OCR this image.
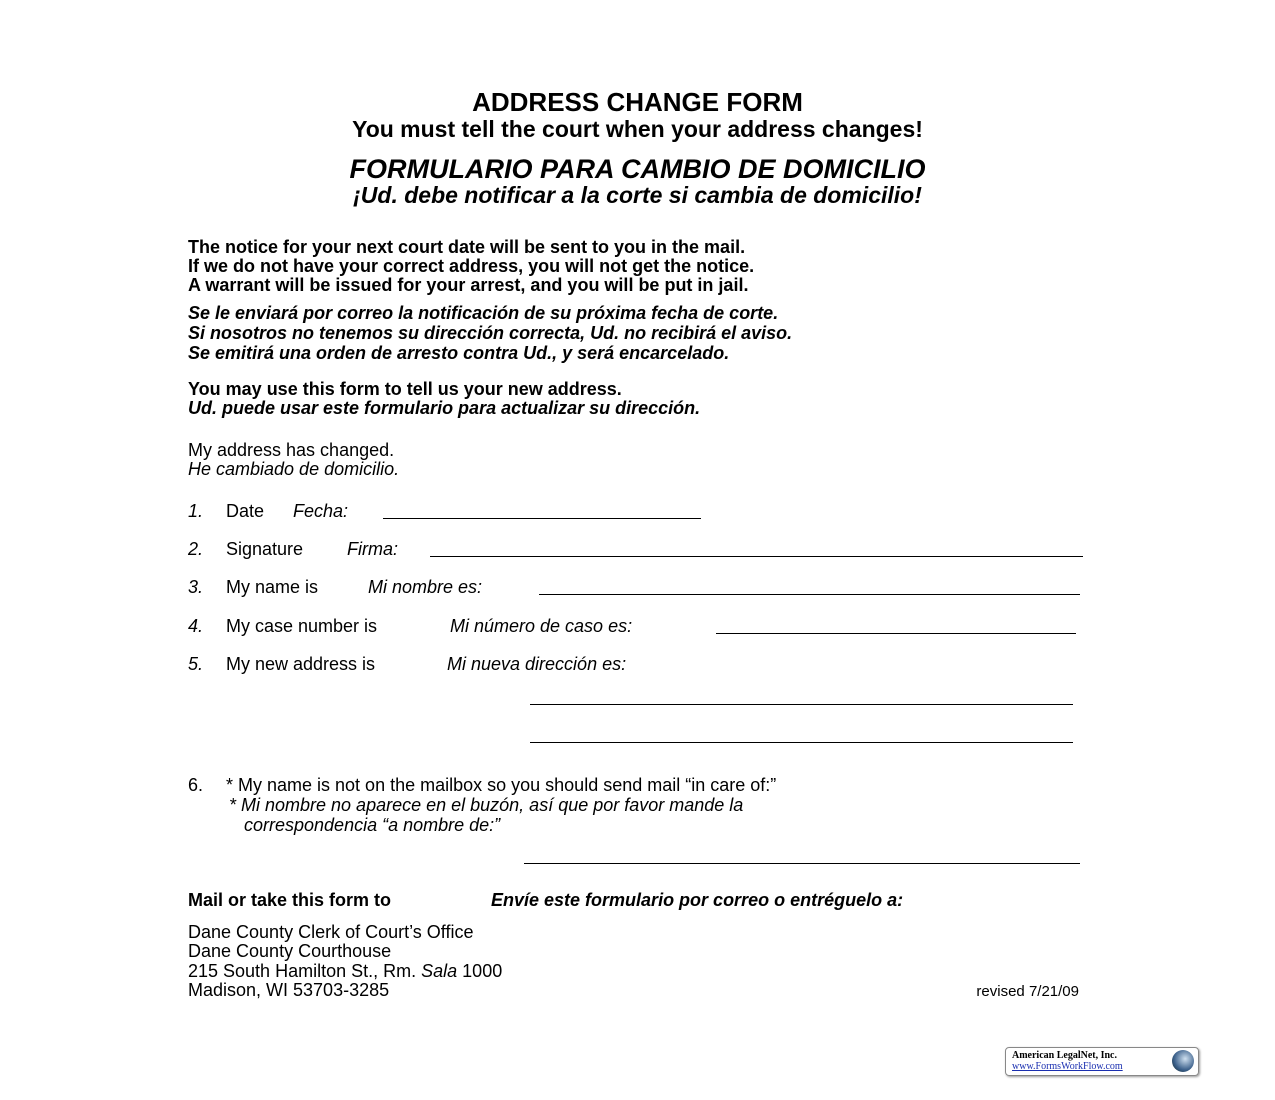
ADDRESS CHANGE FORM
You must tell the court when your address changes!
FORMULARIO PARA CAMBIO DE DOMICILIO
¡Ud. debe notificar a la corte si cambia de domicilio!
The notice for your next court date will be sent to you in the mail.
If we do not have your correct address, you will not get the notice.
A warrant will be issued for your arrest, and you will be put in jail.
Se le enviará por correo la notificación de su próxima fecha de corte.
Si nosotros no tenemos su dirección correcta, Ud. no recibirá el aviso.
Se emitirá una orden de arresto contra Ud., y será encarcelado.
You may use this form to tell us your new address.
Ud. puede usar este formulario para actualizar su dirección.
My address has changed.
He cambiado de domicilio.
1. Date Fecha:
2. Signature Firma:
3. My name is	Mi nombre es:
4. My case number is	Mi número de caso es:
5. My new address is	Mi nueva dirección es:
6. * My name is not on the mailbox so you should send mail “in care of:”
* Mi nombre no aparece en el buzón, así que por favor mande la
correspondencia “a nombre de:”
Mail or take this form to	Envíe este formulario por correo o entréguelo a:
Dane County Clerk of Court’s Office
Dane County Courthouse
215 South Hamilton St., Rm. Sala 1000
Madison, WI 53703-3285	revised 7/21/09
American LegalNet, Inc.
www.FormsWorkFlow.com
